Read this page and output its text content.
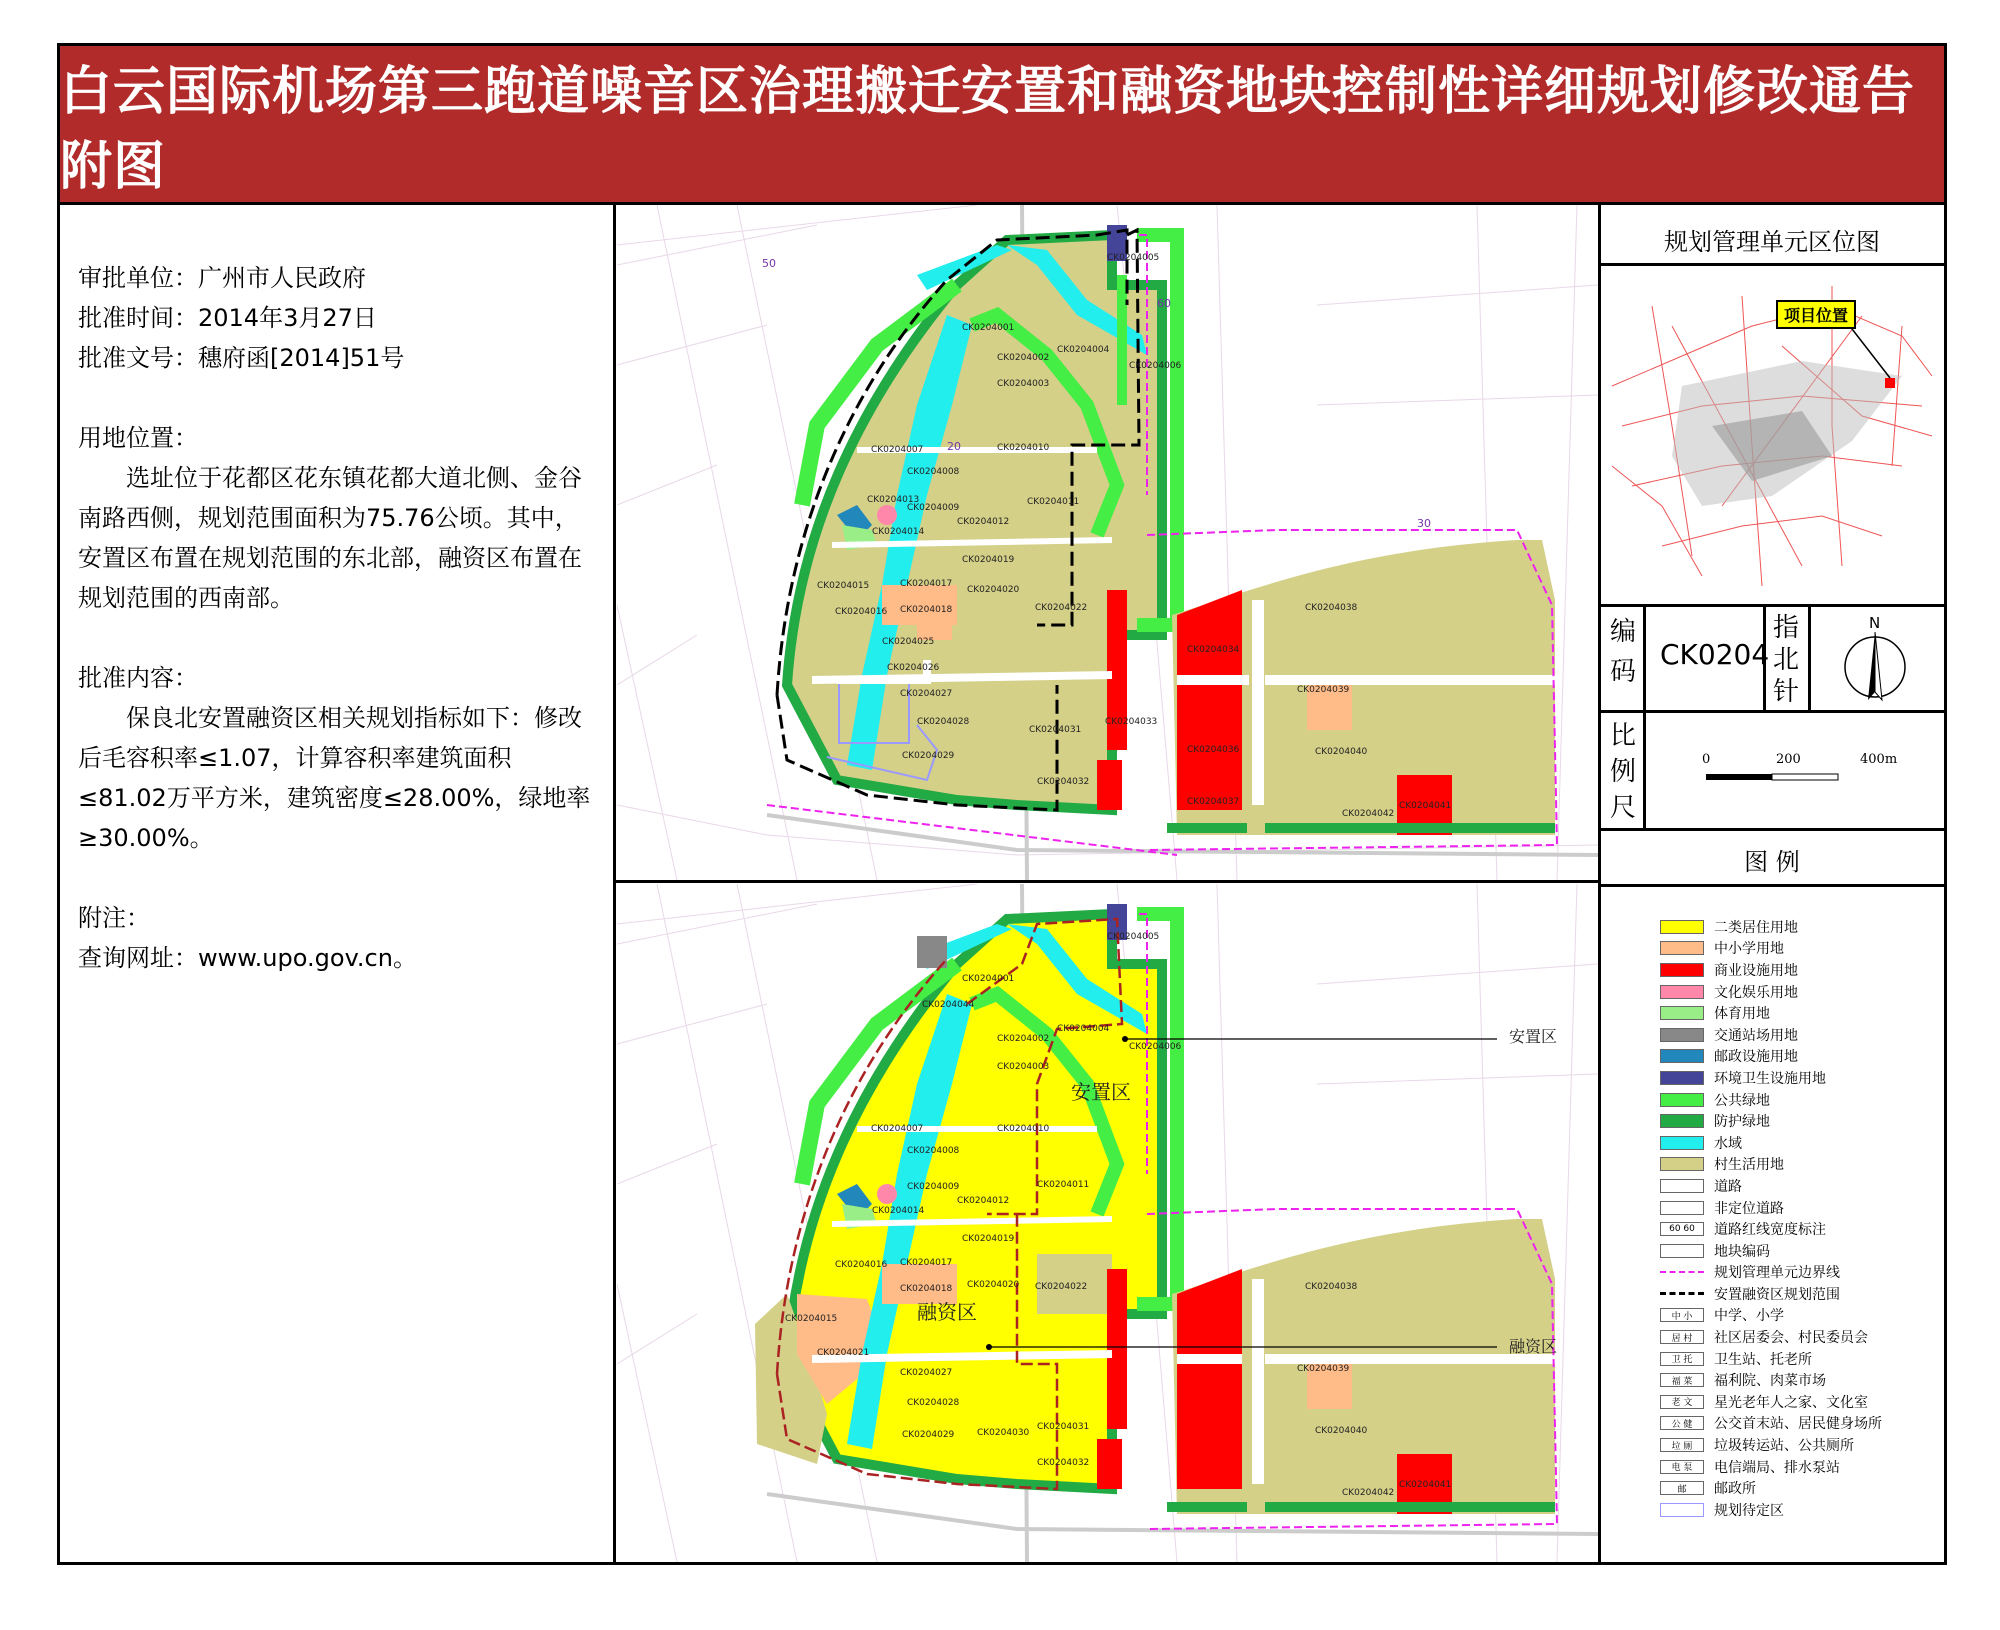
白云国际机场第三跑道噪音区治理搬迁安置和融资地块控制性详细规划修改通告附图

审批单位：广州市人民政府

批准时间：2014年3月27日

批准文号：穗府函[2014]51号

用地位置：

选址位于花都区花东镇花都大道北侧、金谷南路西侧，规划范围面积为75.76公顷。其中，安置区布置在规划范围的东北部，融资区布置在规划范围的西南部。

批准内容：

保良北安置融资区相关规划指标如下：修改后毛容积率≤1.07，计算容积率建筑面积≤81.02万平方米，建筑密度≤28.00%，绿地率≥30.00%。

附注：

查询网址：www.upo.gov.cn。

CK0204005
CK0204001
CK0204002
CK0204003
CK0204004
CK0204006
CK0204007
CK0204008
CK0204009
CK0204010
CK0204011
CK0204012
CK0204013
CK0204014
CK0204015
CK0204016
CK0204017
CK0204018
CK0204019
CK0204020
CK0204022
CK0204025
CK0204026
CK0204027
CK0204028
CK0204029
CK0204031
CK0204032
CK0204033
CK0204034
CK0204036
CK0204037
CK0204038
CK0204039
CK0204040
CK0204041
CK0204042
50
60
30
20
安置区
融资区
安置区
融资区
CK0204005
CK0204001
CK0204044
CK0204002
CK0204003
CK0204004
CK0204006
CK0204007
CK0204008
CK0204009
CK0204010
CK0204011
CK0204012
CK0204014
CK0204015
CK0204016 CK0204017
CK0204018
CK0204019
CK0204020
CK0204021
CK0204022
CK0204027
CK0204028
CK0204029	CK0204030
CK0204031
CK0204032
CK0204038
CK0204039
CK0204040
CK0204041
CK0204042
规划管理单元区位图
项目位置
编码
CK0204
指北针
N
比例尺
0	200	400m
图 例
二类居住用地
中小学用地
商业设施用地
文化娱乐用地
体育用地
交通站场用地
邮政设施用地
环境卫生设施用地
公共绿地
防护绿地
水域
村生活用地
道路
非定位道路
60 60	道路红线宽度标注
地块编码
规划管理单元边界线
安置融资区规划范围
中 小	中学、小学
居 村	社区居委会、村民委员会
卫 托	卫生站、托老所
福 菜	福利院、肉菜市场
老 文	星光老年人之家、文化室
公 健	公交首末站、居民健身场所
垃 厕	垃圾转运站、公共厕所
电 泵	电信端局、排水泵站
邮	邮政所
规划待定区
